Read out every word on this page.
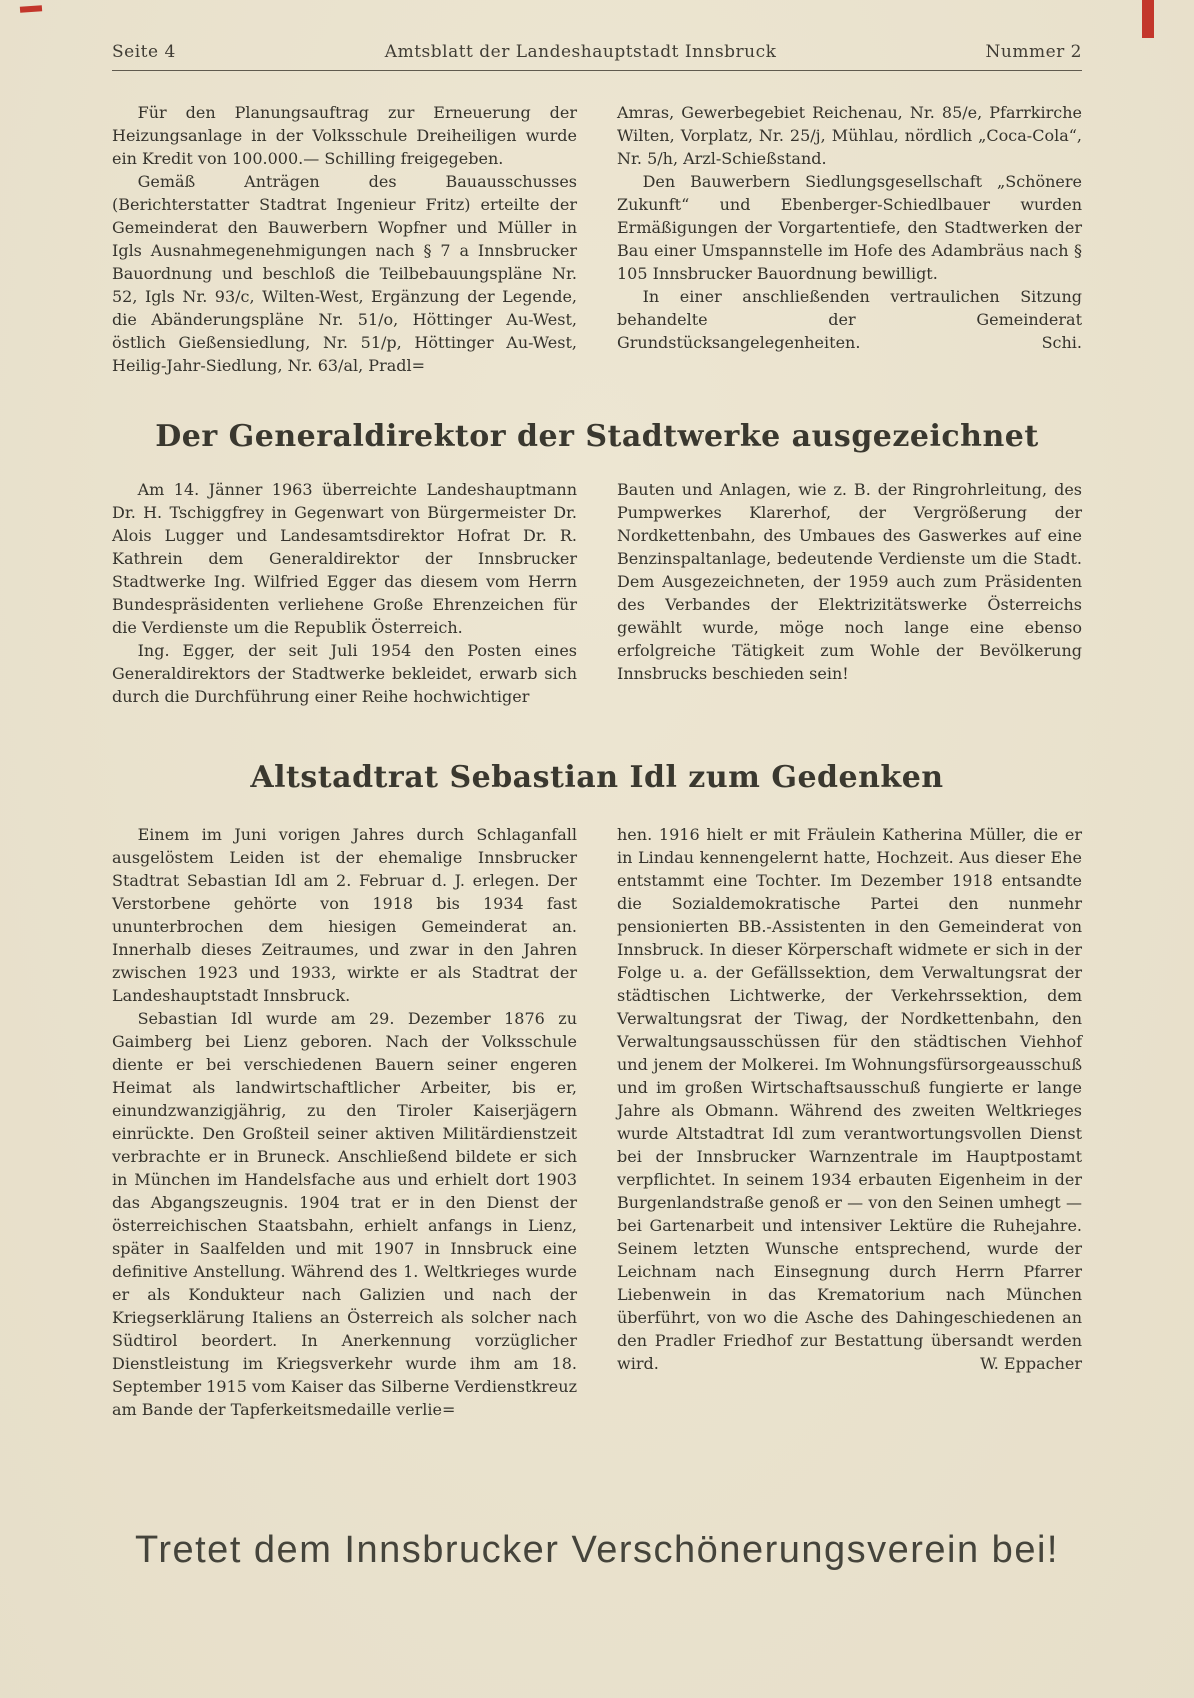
Seite 4	Amtsblatt der Landeshauptstadt Innsbruck	Nummer 2

Für den Planungsauftrag zur Erneuerung der Heizungsanlage in der Volksschule Dreiheiligen wurde ein Kredit von 100.000.— Schilling freigegeben.

Gemäß Anträgen des Bauausschusses (Berichterstatter Stadtrat Ingenieur Fritz) erteilte der Gemeinderat den Bauwerbern Wopfner und Müller in Igls Ausnahmegenehmigungen nach § 7 a Innsbrucker Bauordnung und beschloß die Teilbebauungspläne Nr. 52, Igls Nr. 93/c, Wilten-West, Ergänzung der Legende, die Abänderungspläne Nr. 51/o, Höttinger Au-West, östlich Gießensiedlung, Nr. 51/p, Höttinger Au-West, Heilig-Jahr-Siedlung, Nr. 63/al, Pradl=

Amras, Gewerbegebiet Reichenau, Nr. 85/e, Pfarrkirche Wilten, Vorplatz, Nr. 25/j, Mühlau, nördlich „Coca-Cola“, Nr. 5/h, Arzl-Schießstand.

Den Bauwerbern Siedlungsgesellschaft „Schönere Zukunft“ und Ebenberger-Schiedlbauer wurden Ermäßigungen der Vorgartentiefe, den Stadtwerken der Bau einer Umspannstelle im Hofe des Adambräus nach § 105 Innsbrucker Bauordnung bewilligt.

In einer anschließenden vertraulichen Sitzung behandelte der Gemeinderat Grundstücksangelegenheiten.	Schi.
Der Generaldirektor der Stadtwerke ausgezeichnet

Am 14. Jänner 1963 überreichte Landeshauptmann Dr. H. Tschiggfrey in Gegenwart von Bürgermeister Dr. Alois Lugger und Landesamtsdirektor Hofrat Dr. R. Kathrein dem Generaldirektor der Innsbrucker Stadtwerke Ing. Wilfried Egger das diesem vom Herrn Bundespräsidenten verliehene Große Ehrenzeichen für die Verdienste um die Republik Österreich.

Ing. Egger, der seit Juli 1954 den Posten eines Generaldirektors der Stadtwerke bekleidet, erwarb sich durch die Durchführung einer Reihe hochwichtiger

Bauten und Anlagen, wie z. B. der Ringrohrleitung, des Pumpwerkes Klarerhof, der Vergrößerung der Nordkettenbahn, des Umbaues des Gaswerkes auf eine Benzinspaltanlage, bedeutende Verdienste um die Stadt. Dem Ausgezeichneten, der 1959 auch zum Präsidenten des Verbandes der Elektrizitätswerke Österreichs gewählt wurde, möge noch lange eine ebenso erfolgreiche Tätigkeit zum Wohle der Bevölkerung Innsbrucks beschieden sein!

Altstadtrat Sebastian Idl zum Gedenken

Einem im Juni vorigen Jahres durch Schlaganfall ausgelöstem Leiden ist der ehemalige Innsbrucker Stadtrat Sebastian Idl am 2. Februar d. J. erlegen. Der Verstorbene gehörte von 1918 bis 1934 fast ununterbrochen dem hiesigen Gemeinderat an. Innerhalb dieses Zeitraumes, und zwar in den Jahren zwischen 1923 und 1933, wirkte er als Stadtrat der Landeshauptstadt Innsbruck.

Sebastian Idl wurde am 29. Dezember 1876 zu Gaimberg bei Lienz geboren. Nach der Volksschule diente er bei verschiedenen Bauern seiner engeren Heimat als landwirtschaftlicher Arbeiter, bis er, einundzwanzigjährig, zu den Tiroler Kaiserjägern einrückte. Den Großteil seiner aktiven Militärdienstzeit verbrachte er in Bruneck. Anschließend bildete er sich in München im Handelsfache aus und erhielt dort 1903 das Abgangszeugnis. 1904 trat er in den Dienst der österreichischen Staatsbahn, erhielt anfangs in Lienz, später in Saalfelden und mit 1907 in Innsbruck eine definitive Anstellung. Während des 1. Weltkrieges wurde er als Kondukteur nach Galizien und nach der Kriegserklärung Italiens an Österreich als solcher nach Südtirol beordert. In Anerkennung vorzüglicher Dienstleistung im Kriegsverkehr wurde ihm am 18. September 1915 vom Kaiser das Silberne Verdienstkreuz am Bande der Tapferkeitsmedaille verlie=

hen. 1916 hielt er mit Fräulein Katherina Müller, die er in Lindau kennengelernt hatte, Hochzeit. Aus dieser Ehe entstammt eine Tochter. Im Dezember 1918 entsandte die Sozialdemokratische Partei den nunmehr pensionierten BB.-Assistenten in den Gemeinderat von Innsbruck. In dieser Körperschaft widmete er sich in der Folge u. a. der Gefällssektion, dem Verwaltungsrat der städtischen Lichtwerke, der Verkehrssektion, dem Verwaltungsrat der Tiwag, der Nordkettenbahn, den Verwaltungsausschüssen für den städtischen Viehhof und jenem der Molkerei. Im Wohnungsfürsorgeausschuß und im großen Wirtschaftsausschuß fungierte er lange Jahre als Obmann. Während des zweiten Weltkrieges wurde Altstadtrat Idl zum verantwortungsvollen Dienst bei der Innsbrucker Warnzentrale im Hauptpostamt verpflichtet. In seinem 1934 erbauten Eigenheim in der Burgenlandstraße genoß er — von den Seinen umhegt — bei Gartenarbeit und intensiver Lektüre die Ruhejahre. Seinem letzten Wunsche entsprechend, wurde der Leichnam nach Einsegnung durch Herrn Pfarrer Liebenwein in das Krematorium nach München überführt, von wo die Asche des Dahingeschiedenen an den Pradler Friedhof zur Bestattung übersandt werden wird.	W. Eppacher
Tretet dem Innsbrucker Verschönerungsverein bei!
